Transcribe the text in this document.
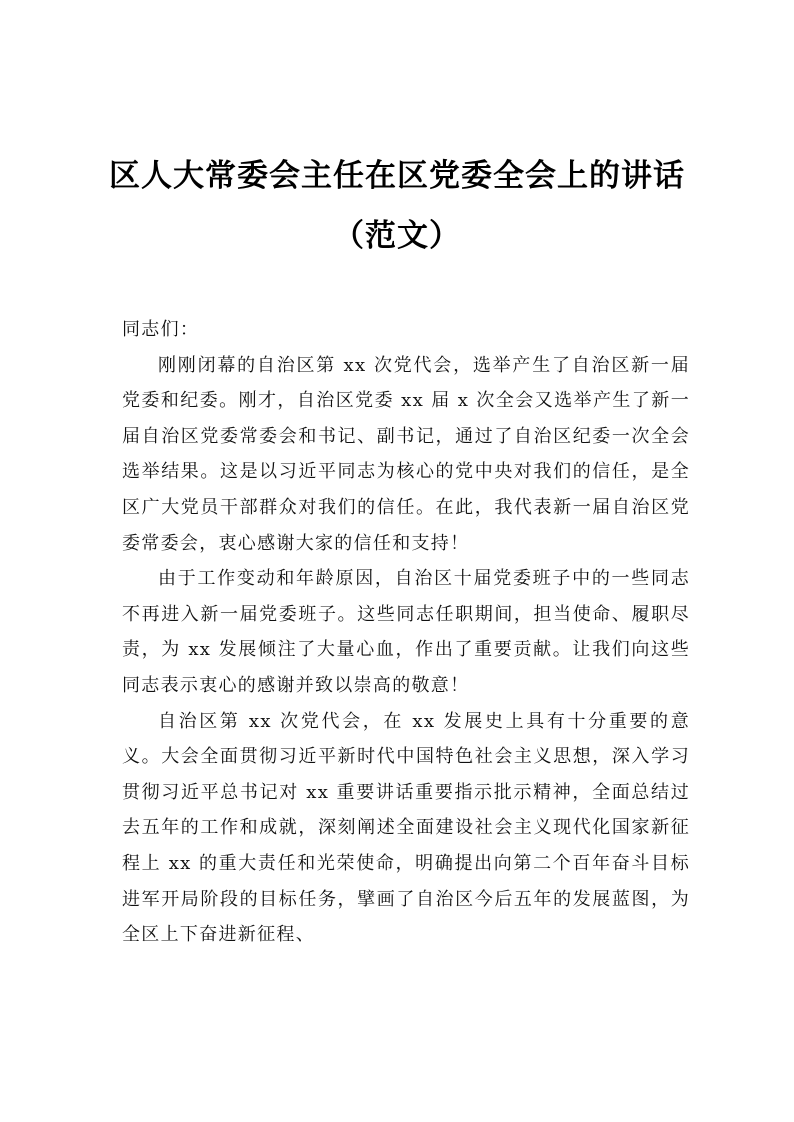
区人大常委会主任在区党委全会上的讲话
（范文）

同志们：

刚刚闭幕的自治区第 xx 次党代会，选举产生了自治区新一届党委和纪委。刚才，自治区党委 xx 届 x 次全会又选举产生了新一届自治区党委常委会和书记、副书记，通过了自治区纪委一次全会选举结果。这是以习近平同志为核心的党中央对我们的信任，是全区广大党员干部群众对我们的信任。在此，我代表新一届自治区党委常委会，衷心感谢大家的信任和支持！

由于工作变动和年龄原因，自治区十届党委班子中的一些同志不再进入新一届党委班子。这些同志任职期间，担当使命、履职尽责，为 xx 发展倾注了大量心血，作出了重要贡献。让我们向这些同志表示衷心的感谢并致以崇高的敬意！

自治区第 xx 次党代会，在 xx 发展史上具有十分重要的意义。大会全面贯彻习近平新时代中国特色社会主义思想，深入学习贯彻习近平总书记对 xx 重要讲话重要指示批示精神，全面总结过去五年的工作和成就，深刻阐述全面建设社会主义现代化国家新征程上 xx 的重大责任和光荣使命，明确提出向第二个百年奋斗目标进军开局阶段的目标任务，擘画了自治区今后五年的发展蓝图，为全区上下奋进新征程、
